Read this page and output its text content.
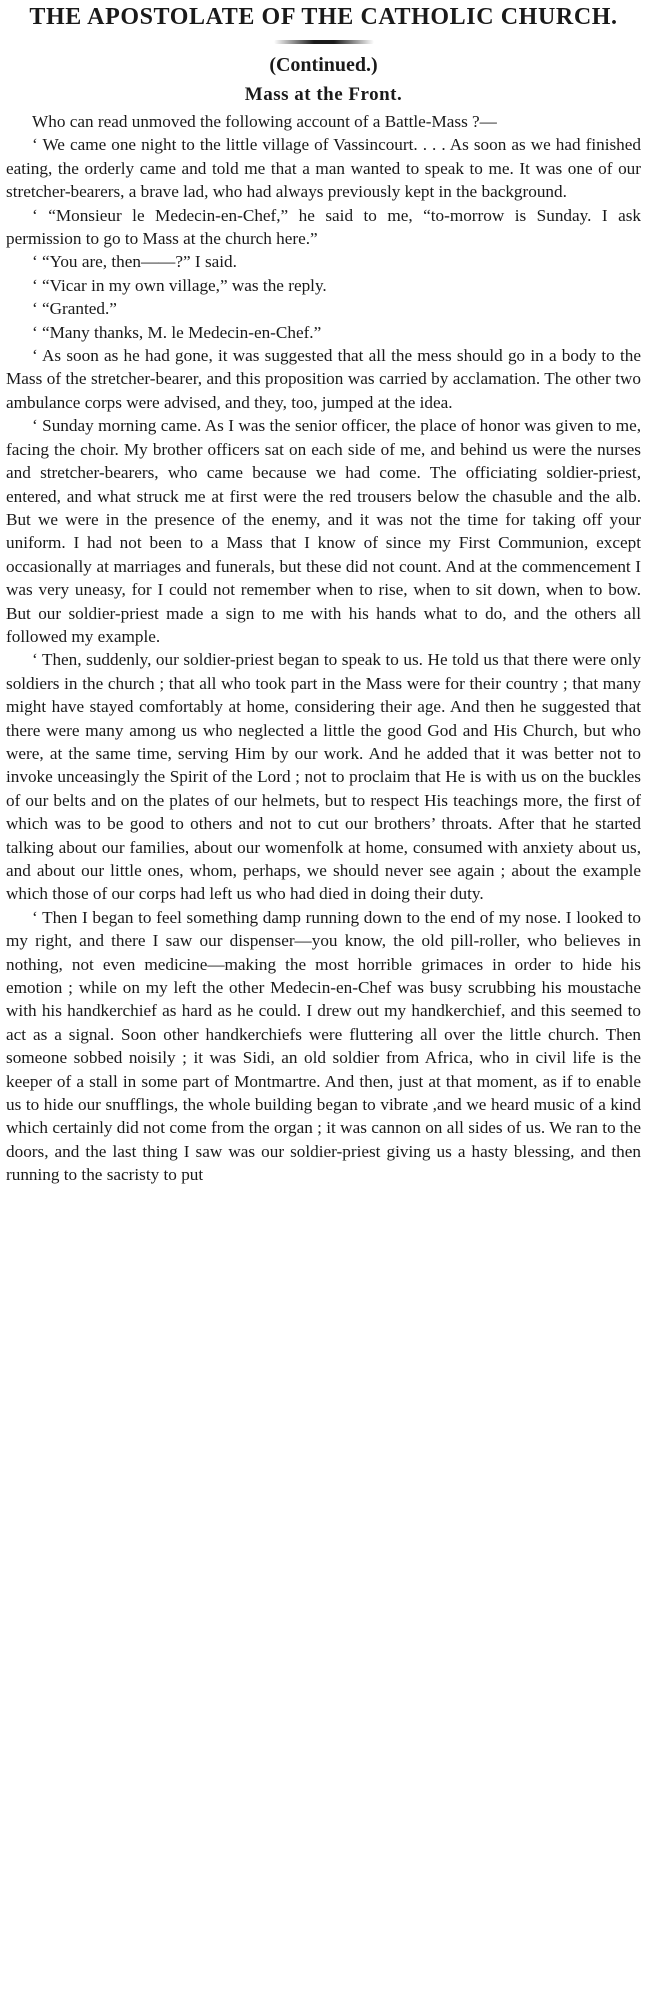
THE APOSTOLATE OF THE CATHOLIC CHURCH.
(Continued.)
Mass at the Front.

Who can read unmoved the following account of a Battle-Mass ?—

‘ We came one night to the little village of Vassincourt. . . . As soon as we had finished eating, the orderly came and told me that a man wanted to speak to me. It was one of our stretcher-bearers, a brave lad, who had always previously kept in the background.

‘ “Monsieur le Medecin-en-Chef,” he said to me, “to-morrow is Sunday. I ask permission to go to Mass at the church here.”

‘ “You are, then——?” I said.

‘ “Vicar in my own village,” was the reply.

‘ “Granted.”

‘ “Many thanks, M. le Medecin-en-Chef.”

‘ As soon as he had gone, it was suggested that all the mess should go in a body to the Mass of the stretcher-bearer, and this proposition was carried by acclamation. The other two ambulance corps were advised, and they, too, jumped at the idea.

‘ Sunday morning came. As I was the senior officer, the place of honor was given to me, facing the choir. My brother officers sat on each side of me, and behind us were the nurses and stretcher-bearers, who came because we had come. The officiating soldier-priest, entered, and what struck me at first were the red trousers below the chasuble and the alb. But we were in the presence of the enemy, and it was not the time for taking off your uniform. I had not been to a Mass that I know of since my First Communion, except occasionally at marriages and funerals, but these did not count. And at the commencement I was very uneasy, for I could not remember when to rise, when to sit down, when to bow. But our soldier-priest made a sign to me with his hands what to do, and the others all followed my example.

‘ Then, suddenly, our soldier-priest began to speak to us. He told us that there were only soldiers in the church ; that all who took part in the Mass were for their country ; that many might have stayed comfortably at home, considering their age. And then he suggested that there were many among us who neglected a little the good God and His Church, but who were, at the same time, serving Him by our work. And he added that it was better not to invoke unceasingly the Spirit of the Lord ; not to proclaim that He is with us on the buckles of our belts and on the plates of our helmets, but to respect His teachings more, the first of which was to be good to others and not to cut our brothers’ throats. After that he started talking about our families, about our womenfolk at home, consumed with anxiety about us, and about our little ones, whom, perhaps, we should never see again ; about the example which those of our corps had left us who had died in doing their duty.

‘ Then I began to feel something damp running down to the end of my nose. I looked to my right, and there I saw our dispenser—you know, the old pill-roller, who believes in nothing, not even medicine—making the most horrible grimaces in order to hide his emotion ; while on my left the other Medecin-en-Chef was busy scrubbing his moustache with his handkerchief as hard as he could. I drew out my handkerchief, and this seemed to act as a signal. Soon other handkerchiefs were fluttering all over the little church. Then someone sobbed noisily ; it was Sidi, an old soldier from Africa, who in civil life is the keeper of a stall in some part of Montmartre. And then, just at that moment, as if to enable us to hide our snufflings, the whole building began to vibrate ,and we heard music of a kind which certainly did not come from the organ ; it was cannon on all sides of us. We ran to the doors, and the last thing I saw was our soldier-priest giving us a hasty blessing, and then running to the sacristy to put
